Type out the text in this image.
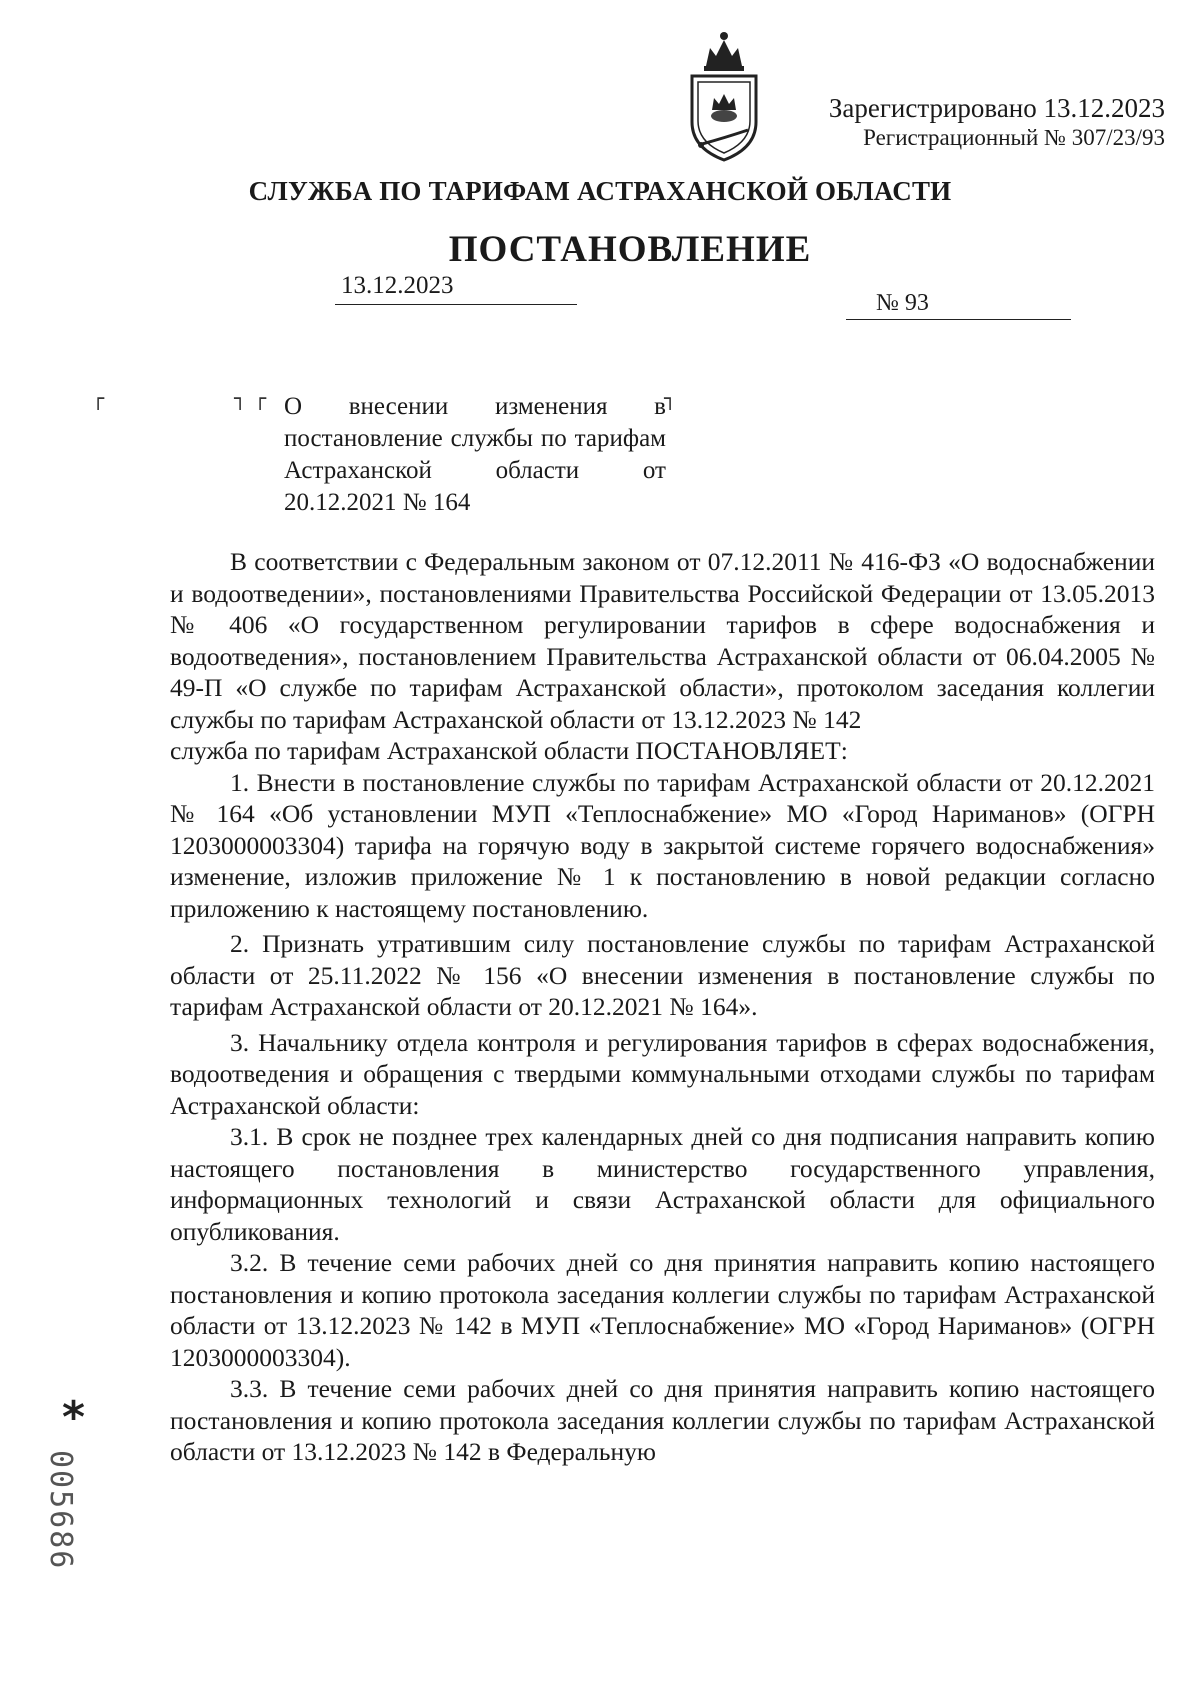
Зарегистрировано 13.12.2023
Регистрационный № 307/23/93
СЛУЖБА ПО ТАРИФАМ АСТРАХАНСКОЙ ОБЛАСТИ
ПОСТАНОВЛЕНИЕ
13.12.2023
№ 93
┌	┐ ┌	┐
О внесении изменения в постановление службы по тарифам Астраханской области от 20.12.2021 № 164

В соответствии с Федеральным законом от 07.12.2011 № 416-ФЗ «О водоснабжении и водоотведении», постановлениями Правительства Российской Федерации от 13.05.2013 № 406 «О государственном регулировании тарифов в сфере водоснабжения и водоотведения», постановлением Правительства Астраханской области от 06.04.2005 № 49-П «О службе по тарифам Астраханской области», протоколом заседания коллегии службы по тарифам Астраханской области от 13.12.2023 № 142

служба по тарифам Астраханской области ПОСТАНОВЛЯЕТ:

1. Внести в постановление службы по тарифам Астраханской области от 20.12.2021 № 164 «Об установлении МУП «Теплоснабжение» МО «Город Нариманов» (ОГРН 1203000003304) тарифа на горячую воду в закрытой системе горячего водоснабжения» изменение, изложив приложение № 1 к постановлению в новой редакции согласно приложению к настоящему постановлению.

2. Признать утратившим силу постановление службы по тарифам Астраханской области от 25.11.2022 № 156 «О внесении изменения в постановление службы по тарифам Астраханской области от 20.12.2021 № 164».

3. Начальнику отдела контроля и регулирования тарифов в сферах водоснабжения, водоотведения и обращения с твердыми коммунальными отходами службы по тарифам Астраханской области:

3.1. В срок не позднее трех календарных дней со дня подписания направить копию настоящего постановления в министерство государственного управления, информационных технологий и связи Астраханской области для официального опубликования.

3.2. В течение семи рабочих дней со дня принятия направить копию настоящего постановления и копию протокола заседания коллегии службы по тарифам Астраханской области от 13.12.2023 № 142 в МУП «Теплоснабжение» МО «Город Нариманов» (ОГРН 1203000003304).

3.3. В течение семи рабочих дней со дня принятия направить копию настоящего постановления и копию протокола заседания коллегии службы по тарифам Астраханской области от 13.12.2023 № 142 в Федеральную

*
005686
